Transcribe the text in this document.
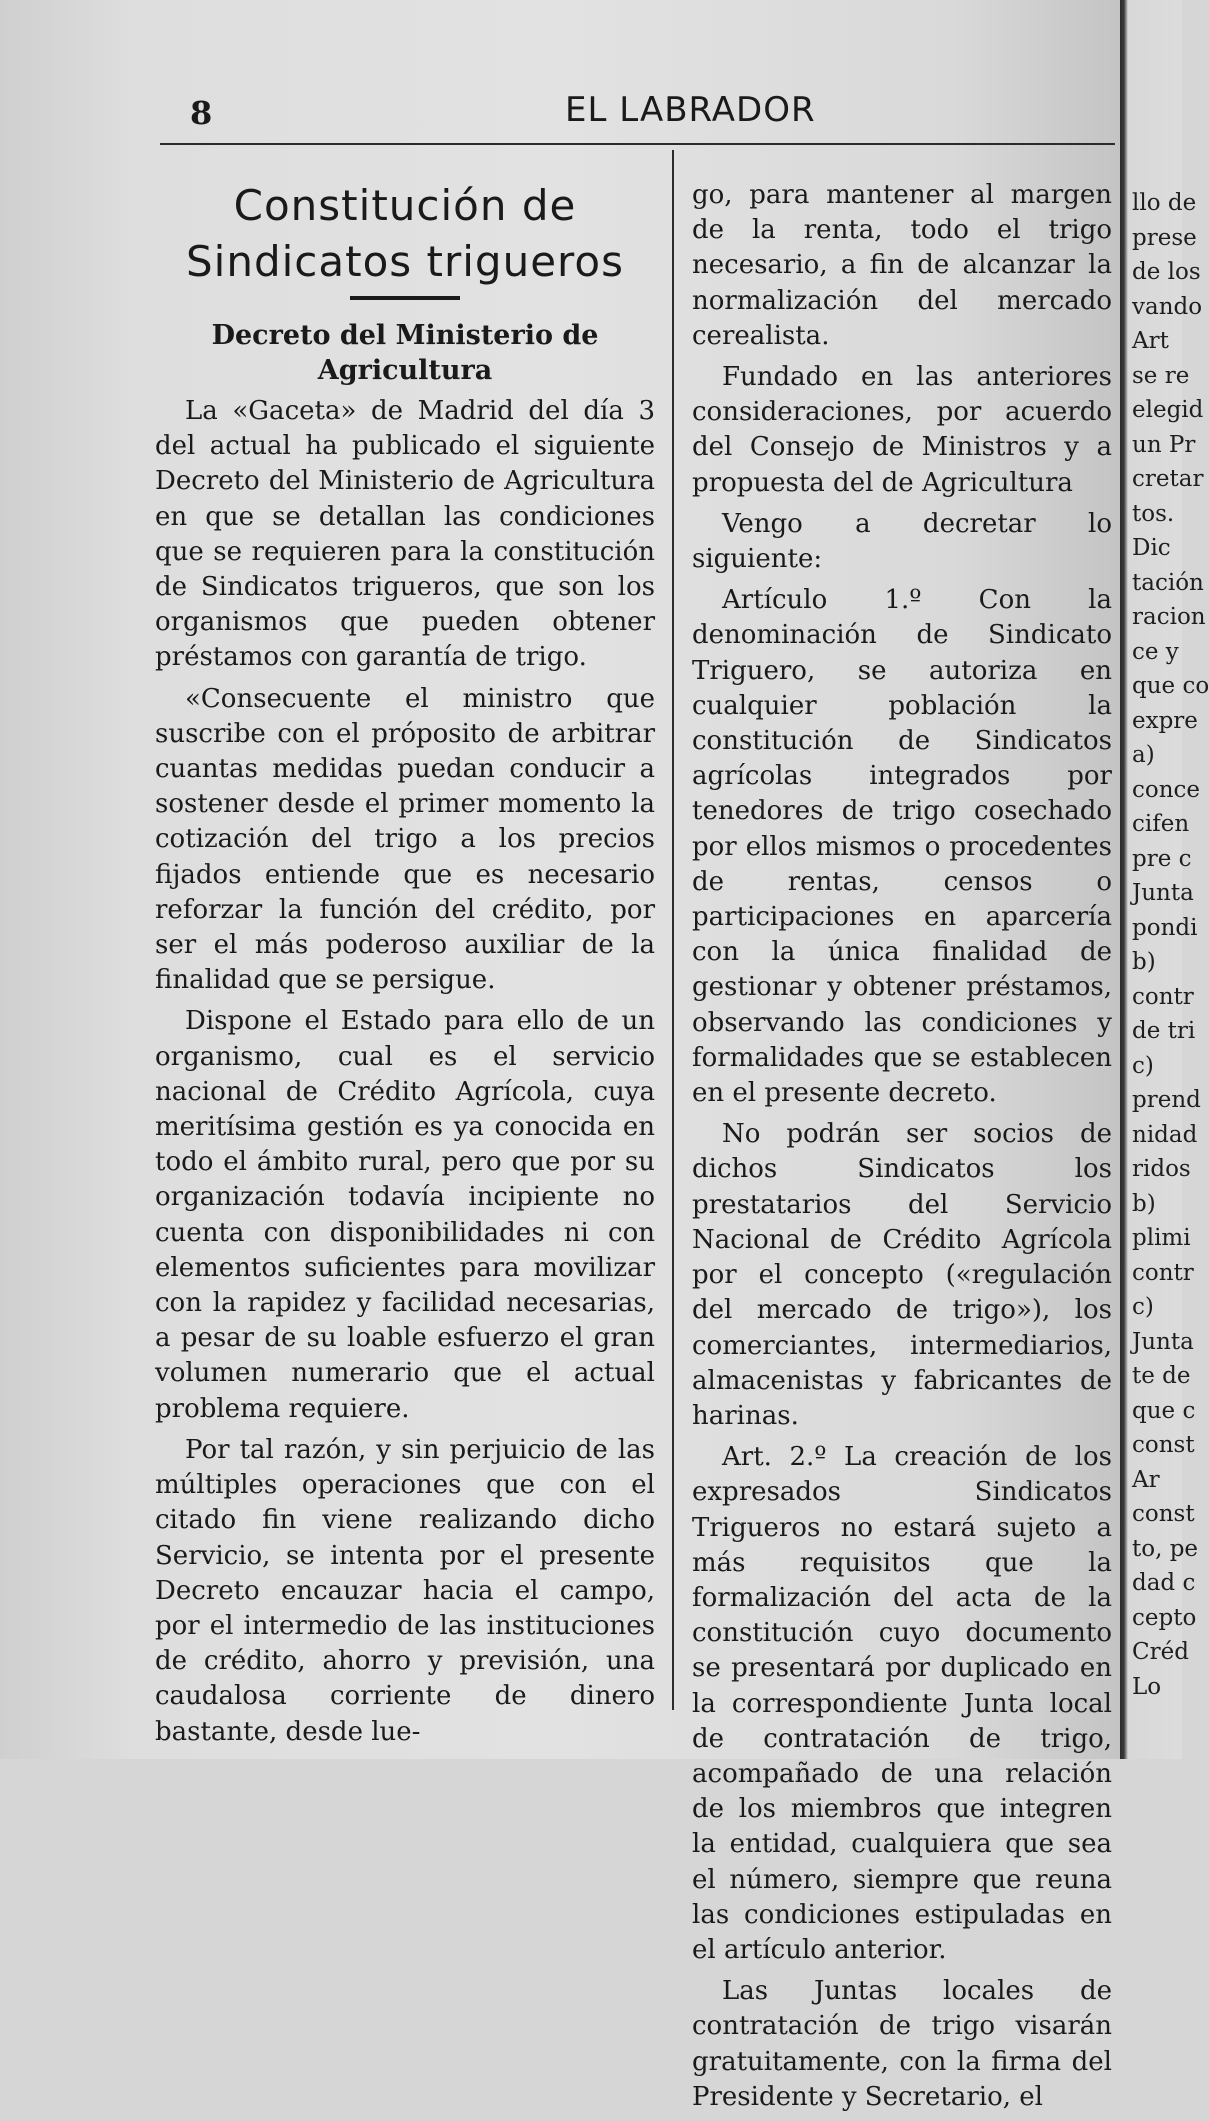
8	EL LABRADOR
Constitución de Sindicatos trigueros
Decreto del Ministerio de Agricultura

La «Gaceta» de Madrid del día 3 del actual ha publicado el siguiente Decreto del Ministerio de Agricultura en que se detallan las condiciones que se requieren para la constitución de Sindicatos trigueros, que son los organismos que pueden obtener préstamos con garantía de trigo.

«Consecuente el ministro que suscribe con el próposito de arbitrar cuantas medidas puedan conducir a sostener desde el primer momento la cotización del trigo a los precios fijados entiende que es necesario reforzar la función del crédito, por ser el más poderoso auxiliar de la finalidad que se persigue.

Dispone el Estado para ello de un organismo, cual es el servicio nacional de Crédito Agrícola, cuya meritísima gestión es ya conocida en todo el ámbito rural, pero que por su organización todavía incipiente no cuenta con disponibilidades ni con elementos suficientes para movilizar con la rapidez y facilidad necesarias, a pesar de su loable esfuerzo el gran volumen numerario que el actual problema requiere.

Por tal razón, y sin perjuicio de las múltiples operaciones que con el citado fin viene realizando dicho Servicio, se intenta por el presente Decreto encauzar hacia el campo, por el intermedio de las instituciones de crédito, ahorro y previsión, una caudalosa corriente de dinero bastante, desde lue-

go, para mantener al margen de la renta, todo el trigo necesario, a fin de alcanzar la normalización del mercado cerealista.

Fundado en las anteriores consideraciones, por acuerdo del Consejo de Ministros y a propuesta del de Agricultura

Vengo a decretar lo siguiente:

Artículo 1.º Con la denominación de Sindicato Triguero, se autoriza en cualquier población la constitución de Sindicatos agrícolas integrados por tenedores de trigo cosechado por ellos mismos o procedentes de rentas, censos o participaciones en aparcería con la única finalidad de gestionar y obtener préstamos, observando las condiciones y formalidades que se establecen en el presente decreto.

No podrán ser socios de dichos Sindicatos los prestatarios del Servicio Nacional de Crédito Agrícola por el concepto («regulación del mercado de trigo»), los comerciantes, intermediarios, almacenistas y fabricantes de harinas.

Art. 2.º La creación de los expresados Sindicatos Trigueros no estará sujeto a más requisitos que la formalización del acta de la constitución cuyo documento se presentará por duplicado en la correspondiente Junta local de contratación de trigo, acompañado de una relación de los miembros que integren la entidad, cualquiera que sea el número, siempre que reuna las condiciones estipuladas en el artículo anterior.

Las Juntas locales de contratación de trigo visarán gratuitamente, con la firma del Presidente y Secretario, el

llo de
prese
de los
vando
Art
se re
elegid
un Pr
cretar
tos.
Dic
tación
racion
ce y
que co
expre
a)
conce
cifen
pre c
Junta
pondi
b)
contr
de tri
c)
prend
nidad
ridos
b)
plimi
contr
c)
Junta
te de
que c
const
Ar
const
to, pe
dad c
cepto
Créd
Lo
